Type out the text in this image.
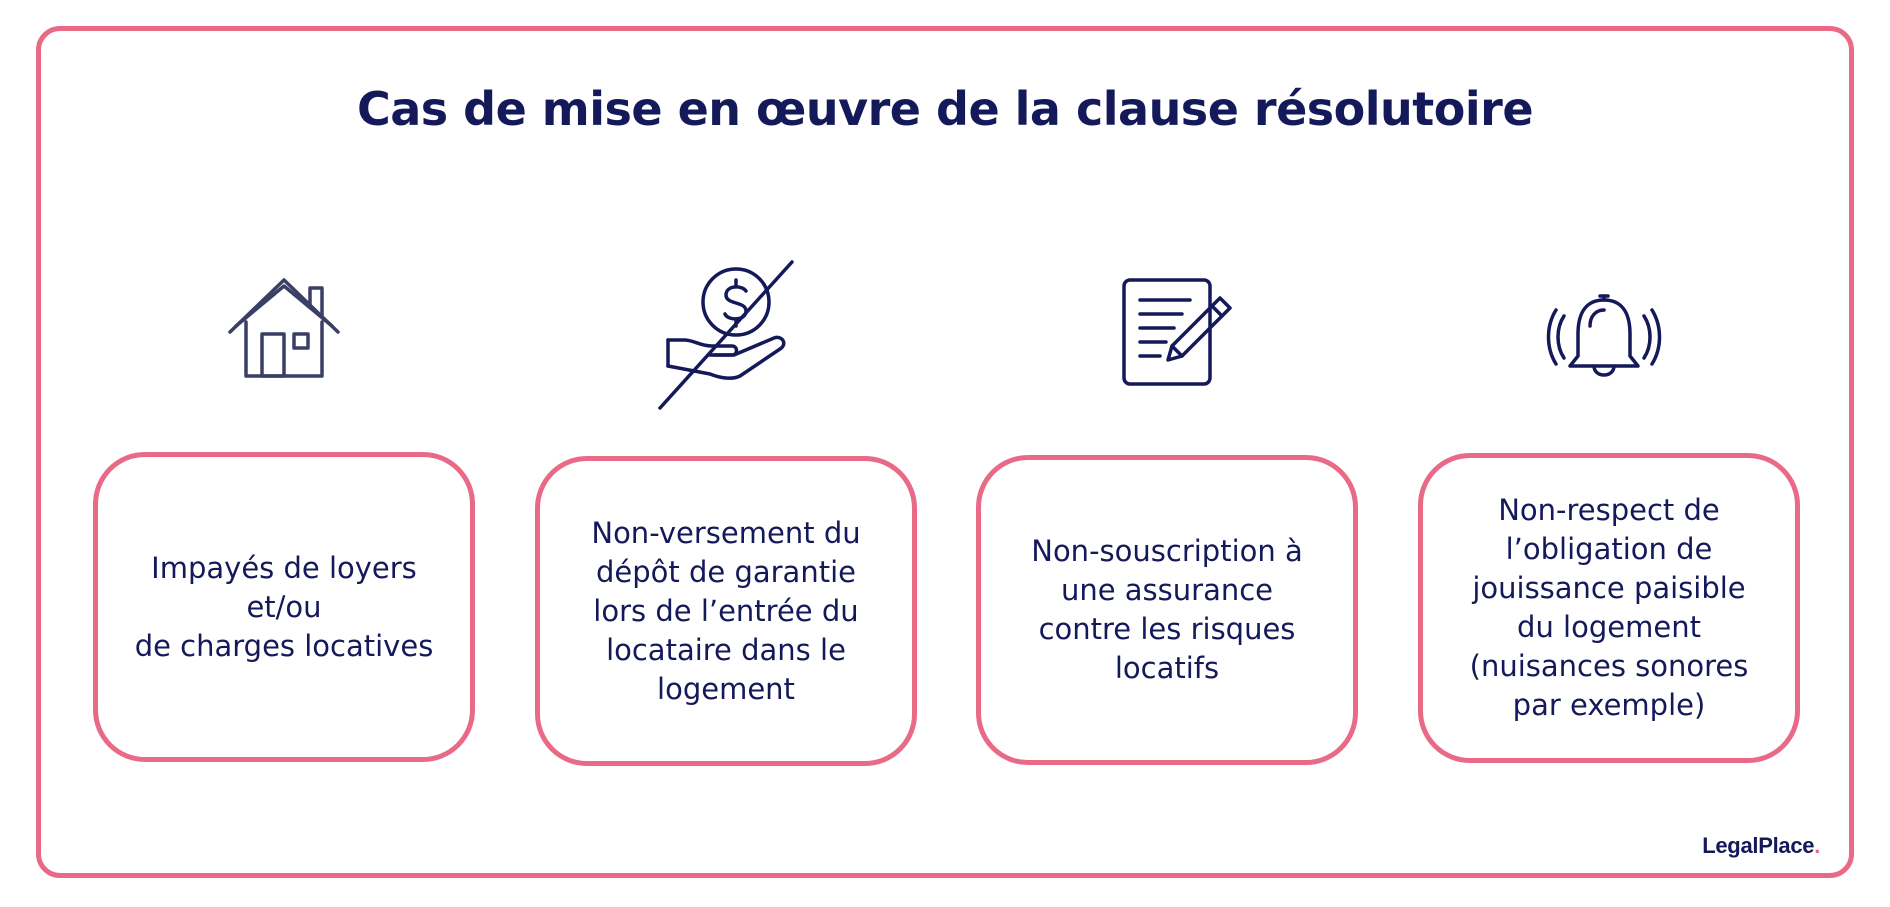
Cas de mise en œuvre de la clause résolutoire
Impayés de loyers
et/ou
de charges locatives
Non-versement du
dépôt de garantie
lors de l’entrée du
locataire dans le
logement
Non-souscription à
une assurance
contre les risques
locatifs
Non-respect de
l’obligation de
jouissance paisible
du logement
(nuisances sonores
par exemple)
LegalPlace.
